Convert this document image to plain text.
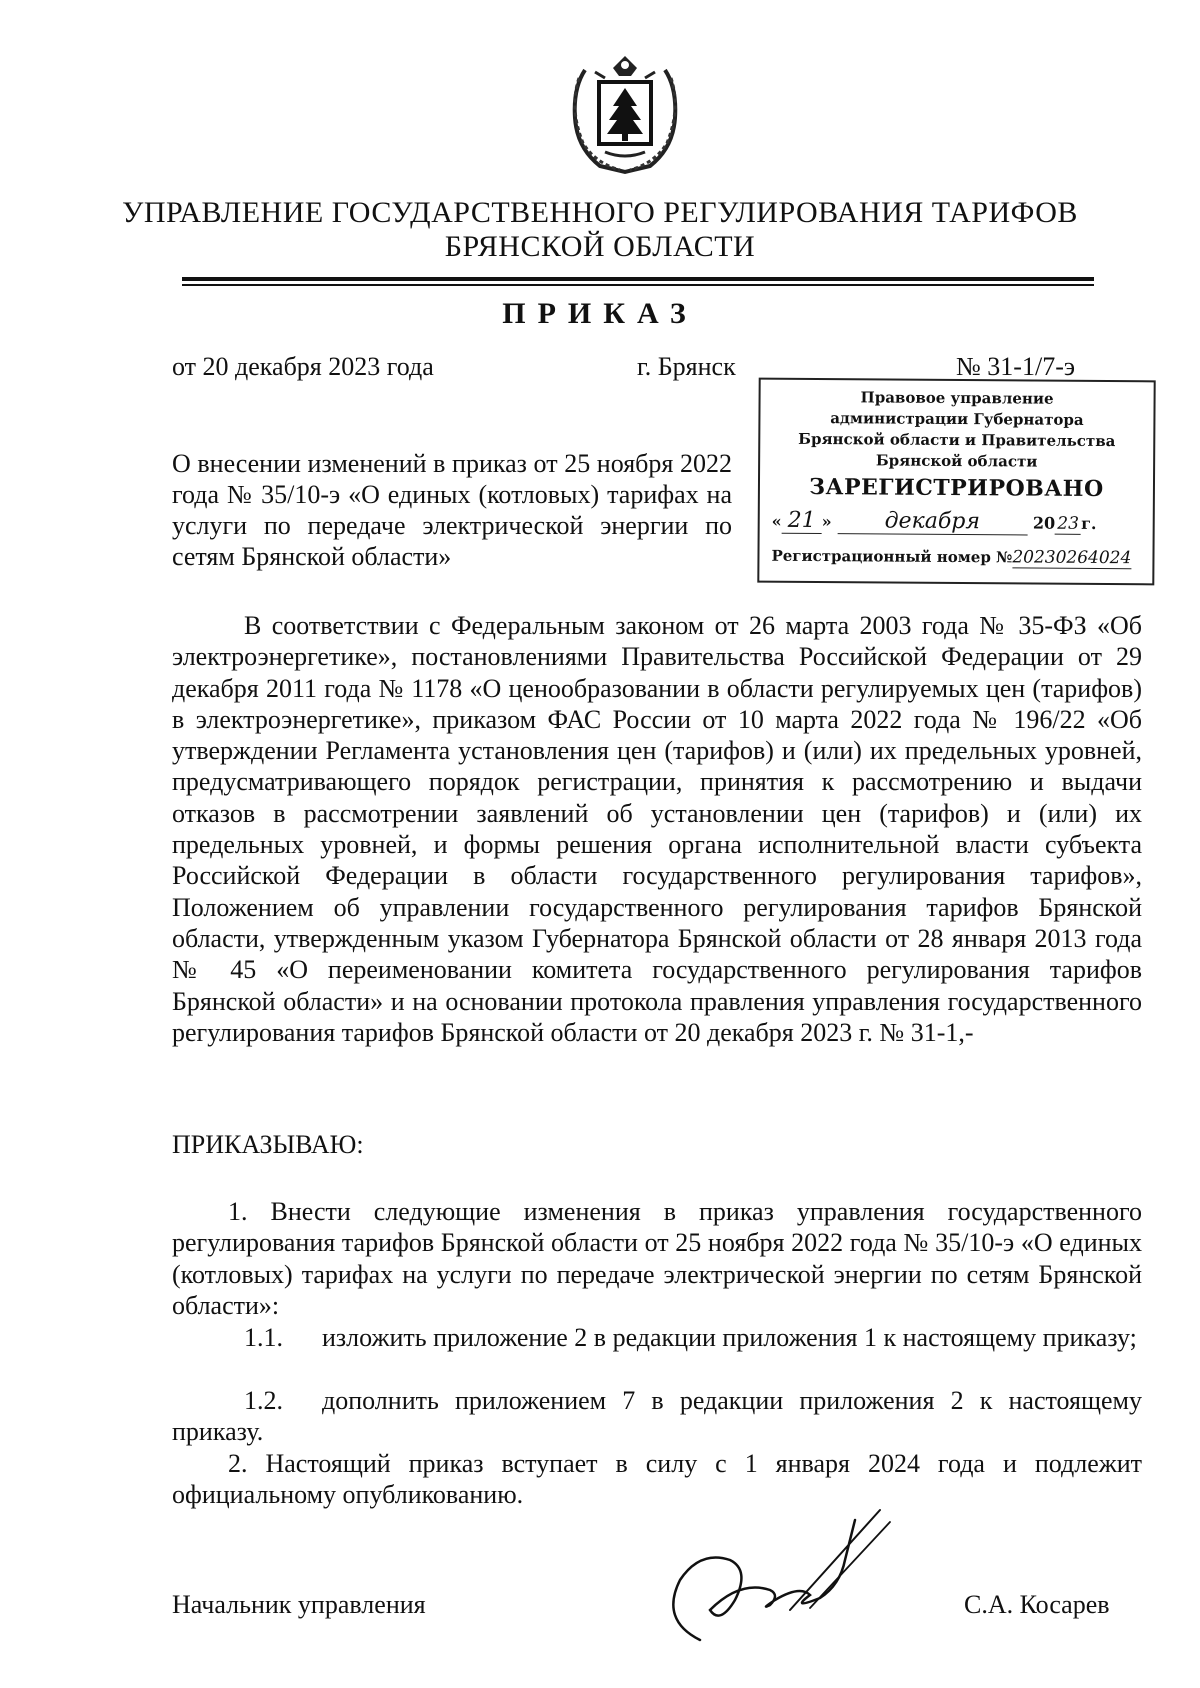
УПРАВЛЕНИЕ ГОСУДАРСТВЕННОГО РЕГУЛИРОВАНИЯ ТАРИФОВ
БРЯНСКОЙ ОБЛАСТИ
ПРИКАЗ
от 20 декабря 2023 года	г. Брянск	№ 31-1/7-э
Правовое управление
администрации Губернатора
Брянской области и Правительства
Брянской области
ЗАРЕГИСТРИРОВАНО
« 21 » декабря	20 23 г.
Регистрационный номер №20230264024
О внесении изменений в приказ от 25 ноября 2022 года № 35/10-э «О единых (котловых) тарифах на услуги по передаче электрической энергии по сетям Брянской области»
В соответствии с Федеральным законом от 26 марта 2003 года № 35-ФЗ «Об электроэнергетике», постановлениями Правительства Российской Федерации от 29 декабря 2011 года № 1178 «О ценообразовании в области регулируемых цен (тарифов) в электроэнергетике», приказом ФАС России от 10 марта 2022 года № 196/22 «Об утверждении Регламента установления цен (тарифов) и (или) их предельных уровней, предусматривающего порядок регистрации, принятия к рассмотрению и выдачи отказов в рассмотрении заявлений об установлении цен (тарифов) и (или) их предельных уровней, и формы решения органа исполнительной власти субъекта Российской Федерации в области государственного регулирования тарифов», Положением об управлении государственного регулирования тарифов Брянской области, утвержденным указом Губернатора Брянской области от 28 января 2013 года № 45 «О переименовании комитета государственного регулирования тарифов Брянской области» и на основании протокола правления управления государственного регулирования тарифов Брянской области от 20 декабря 2023 г. № 31-1,-
ПРИКАЗЫВАЮ:
1. Внести следующие изменения в приказ управления государственного регулирования тарифов Брянской области от 25 ноября 2022 года № 35/10-э «О единых (котловых) тарифах на услуги по передаче электрической энергии по сетям Брянской области»:
1.1. изложить приложение 2 в редакции приложения 1 к настоящему приказу;
1.2. дополнить приложением 7 в редакции приложения 2 к настоящему приказу.
2. Настоящий приказ вступает в силу с 1 января 2024 года и подлежит официальному опубликованию.
Начальник управления	С.А. Косарев
